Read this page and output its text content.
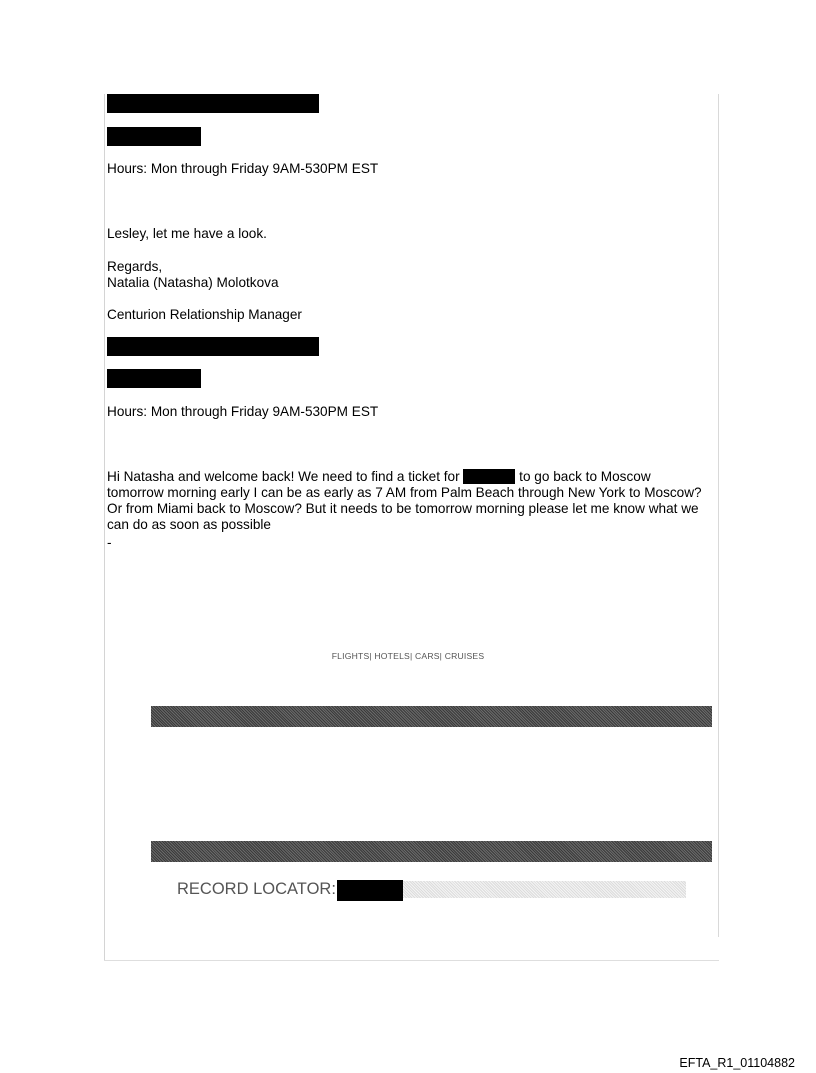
Hours: Mon through Friday 9AM-530PM EST
Lesley, let me have a look.
Regards,
Natalia (Natasha) Molotkova
Centurion Relationship Manager
Hours: Mon through Friday 9AM-530PM EST
Hi Natasha and welcome back! We need to find a ticket for	to go back to Moscow tomorrow morning early I can be as early as 7 AM from Palm Beach through New York to Moscow? Or from Miami back to Moscow? But it needs to be tomorrow morning please let me know what we can do as soon as possible
-
FLIGHTS| HOTELS| CARS| CRUISES
RECORD LOCATOR:
EFTA_R1_01104882
